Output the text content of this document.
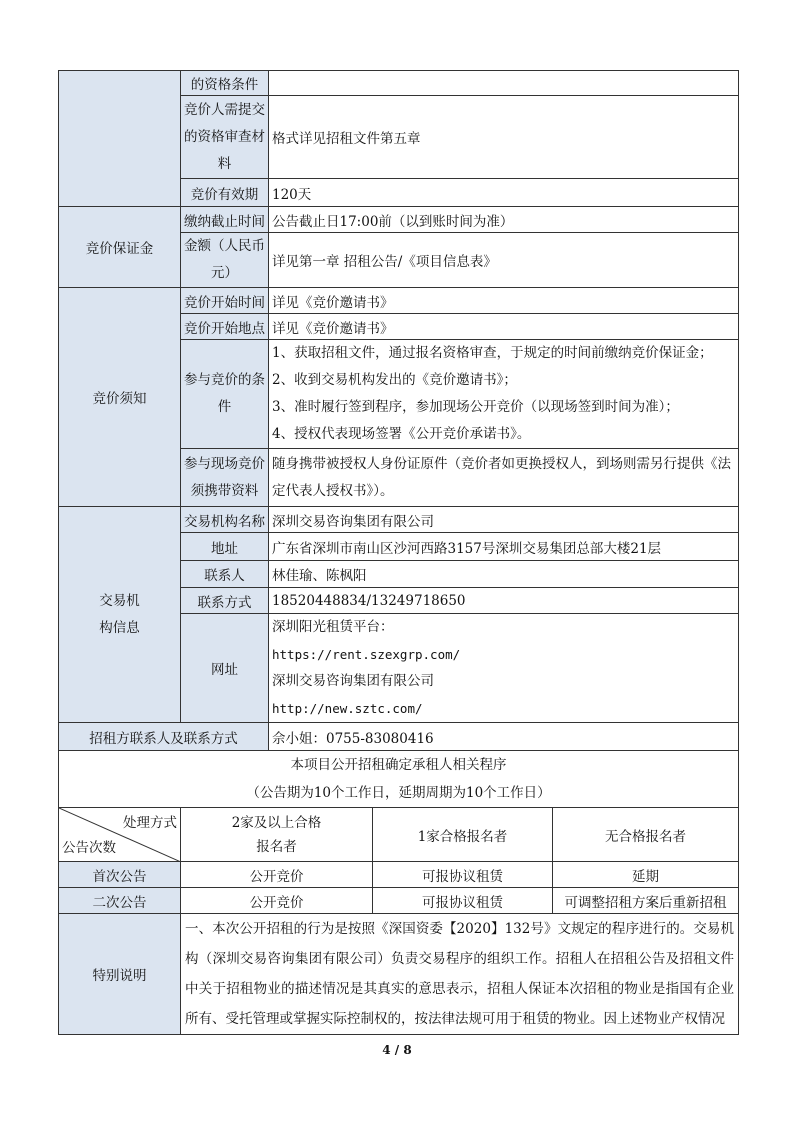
	的资格条件			
	竞价人需提交的资格审查材料	格式详见招租文件第五章		
	竞价有效期	120天		
竞价保证金	缴纳截止时间	公告截止日17:00前（以到账时间为准）		
	金额（人民币元）	详见第一章 招租公告/《项目信息表》		
竞价须知	竞价开始时间	详见《竞价邀请书》		
	竞价开始地点	详见《竞价邀请书》		
	参与竞价的条件	1、获取招租文件，通过报名资格审查，于规定的时间前缴纳竞价保证金；
2、收到交易机构发出的《竞价邀请书》；
3、准时履行签到程序，参加现场公开竞价（以现场签到时间为准）；
4、授权代表现场签署《公开竞价承诺书》。		

	参与现场竞价须携带资料	随身携带被授权人身份证原件（竞价者如更换授权人，到场则需另行提供《法定代表人授权书》）。		
交易机构信息	交易机构名称	深圳交易咨询集团有限公司		
	地址	广东省深圳市南山区沙河西路3157号深圳交易集团总部大楼21层		
	联系人	林佳瑜、陈枫阳		
	联系方式	18520448834/13249718650		
	网址	深圳阳光租赁平台：
https://rent.szexgrp.com/
深圳交易咨询集团有限公司
http://new.sztc.com/		

招租方联系人及联系方式		佘小姐：0755-83080416		

本项目公开招租确定承租人相关程序
（公告期为10个工作日，延期周期为10个工作日）				

处理方式
公告次数	2家及以上合格报名者		1家合格报名者	无合格报名者
首次公告	公开竞价		可报协议租赁	延期
二次公告	公开竞价		可报协议租赁	可调整招租方案后重新招租
特别说明	一、本次公开招租的行为是按照《深国资委【2020】132号》文规定的程序进行的。交易机构（深圳交易咨询集团有限公司）负责交易程序的组织工作。招租人在招租公告及招租文件中关于招租物业的描述情况是其真实的意思表示，招租人保证本次招租的物业是指国有企业所有、受托管理或掌握实际控制权的，按法律法规可用于租赁的物业。因上述物业产权情况			
4 / 8
